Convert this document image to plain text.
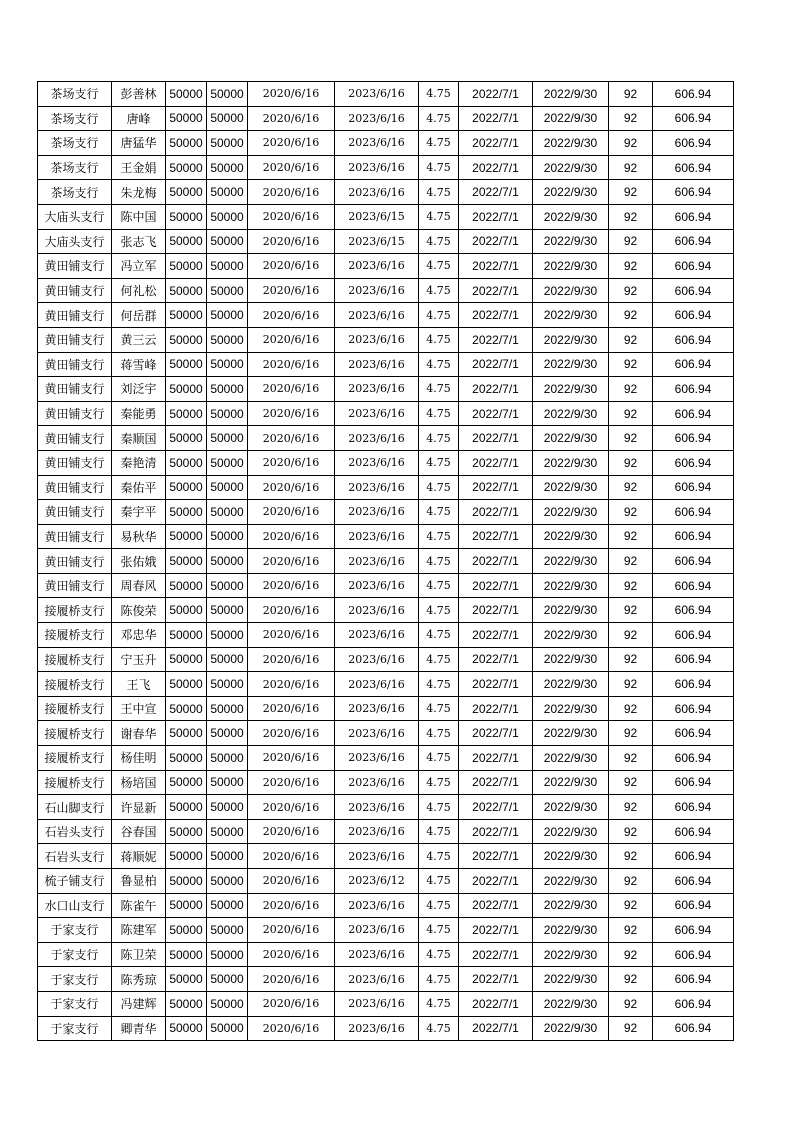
茶场支行	彭善林	50000	50000	2020/6/16	2023/6/16	4.75	2022/7/1	2022/9/30	92	606.94
茶场支行	唐峰	50000	50000	2020/6/16	2023/6/16	4.75	2022/7/1	2022/9/30	92	606.94
茶场支行	唐猛华	50000	50000	2020/6/16	2023/6/16	4.75	2022/7/1	2022/9/30	92	606.94
茶场支行	王金娟	50000	50000	2020/6/16	2023/6/16	4.75	2022/7/1	2022/9/30	92	606.94
茶场支行	朱龙梅	50000	50000	2020/6/16	2023/6/16	4.75	2022/7/1	2022/9/30	92	606.94
大庙头支行	陈中国	50000	50000	2020/6/16	2023/6/15	4.75	2022/7/1	2022/9/30	92	606.94
大庙头支行	张志飞	50000	50000	2020/6/16	2023/6/15	4.75	2022/7/1	2022/9/30	92	606.94
黄田铺支行	冯立军	50000	50000	2020/6/16	2023/6/16	4.75	2022/7/1	2022/9/30	92	606.94
黄田铺支行	何礼松	50000	50000	2020/6/16	2023/6/16	4.75	2022/7/1	2022/9/30	92	606.94
黄田铺支行	何岳群	50000	50000	2020/6/16	2023/6/16	4.75	2022/7/1	2022/9/30	92	606.94
黄田铺支行	黄三云	50000	50000	2020/6/16	2023/6/16	4.75	2022/7/1	2022/9/30	92	606.94
黄田铺支行	蒋雪峰	50000	50000	2020/6/16	2023/6/16	4.75	2022/7/1	2022/9/30	92	606.94
黄田铺支行	刘泛宇	50000	50000	2020/6/16	2023/6/16	4.75	2022/7/1	2022/9/30	92	606.94
黄田铺支行	秦能勇	50000	50000	2020/6/16	2023/6/16	4.75	2022/7/1	2022/9/30	92	606.94
黄田铺支行	秦顺国	50000	50000	2020/6/16	2023/6/16	4.75	2022/7/1	2022/9/30	92	606.94
黄田铺支行	秦艳清	50000	50000	2020/6/16	2023/6/16	4.75	2022/7/1	2022/9/30	92	606.94
黄田铺支行	秦佑平	50000	50000	2020/6/16	2023/6/16	4.75	2022/7/1	2022/9/30	92	606.94
黄田铺支行	秦宇平	50000	50000	2020/6/16	2023/6/16	4.75	2022/7/1	2022/9/30	92	606.94
黄田铺支行	易秋华	50000	50000	2020/6/16	2023/6/16	4.75	2022/7/1	2022/9/30	92	606.94
黄田铺支行	张佑娥	50000	50000	2020/6/16	2023/6/16	4.75	2022/7/1	2022/9/30	92	606.94
黄田铺支行	周春风	50000	50000	2020/6/16	2023/6/16	4.75	2022/7/1	2022/9/30	92	606.94
接履桥支行	陈俊荣	50000	50000	2020/6/16	2023/6/16	4.75	2022/7/1	2022/9/30	92	606.94
接履桥支行	邓忠华	50000	50000	2020/6/16	2023/6/16	4.75	2022/7/1	2022/9/30	92	606.94
接履桥支行	宁玉升	50000	50000	2020/6/16	2023/6/16	4.75	2022/7/1	2022/9/30	92	606.94
接履桥支行	王飞	50000	50000	2020/6/16	2023/6/16	4.75	2022/7/1	2022/9/30	92	606.94
接履桥支行	王中宣	50000	50000	2020/6/16	2023/6/16	4.75	2022/7/1	2022/9/30	92	606.94
接履桥支行	谢春华	50000	50000	2020/6/16	2023/6/16	4.75	2022/7/1	2022/9/30	92	606.94
接履桥支行	杨佳明	50000	50000	2020/6/16	2023/6/16	4.75	2022/7/1	2022/9/30	92	606.94
接履桥支行	杨培国	50000	50000	2020/6/16	2023/6/16	4.75	2022/7/1	2022/9/30	92	606.94
石山脚支行	许显新	50000	50000	2020/6/16	2023/6/16	4.75	2022/7/1	2022/9/30	92	606.94
石岩头支行	谷春国	50000	50000	2020/6/16	2023/6/16	4.75	2022/7/1	2022/9/30	92	606.94
石岩头支行	蒋顺妮	50000	50000	2020/6/16	2023/6/16	4.75	2022/7/1	2022/9/30	92	606.94
梳子铺支行	鲁显柏	50000	50000	2020/6/16	2023/6/12	4.75	2022/7/1	2022/9/30	92	606.94
水口山支行	陈雀午	50000	50000	2020/6/16	2023/6/16	4.75	2022/7/1	2022/9/30	92	606.94
于家支行	陈建军	50000	50000	2020/6/16	2023/6/16	4.75	2022/7/1	2022/9/30	92	606.94
于家支行	陈卫荣	50000	50000	2020/6/16	2023/6/16	4.75	2022/7/1	2022/9/30	92	606.94
于家支行	陈秀琼	50000	50000	2020/6/16	2023/6/16	4.75	2022/7/1	2022/9/30	92	606.94
于家支行	冯建辉	50000	50000	2020/6/16	2023/6/16	4.75	2022/7/1	2022/9/30	92	606.94
于家支行	卿青华	50000	50000	2020/6/16	2023/6/16	4.75	2022/7/1	2022/9/30	92	606.94
